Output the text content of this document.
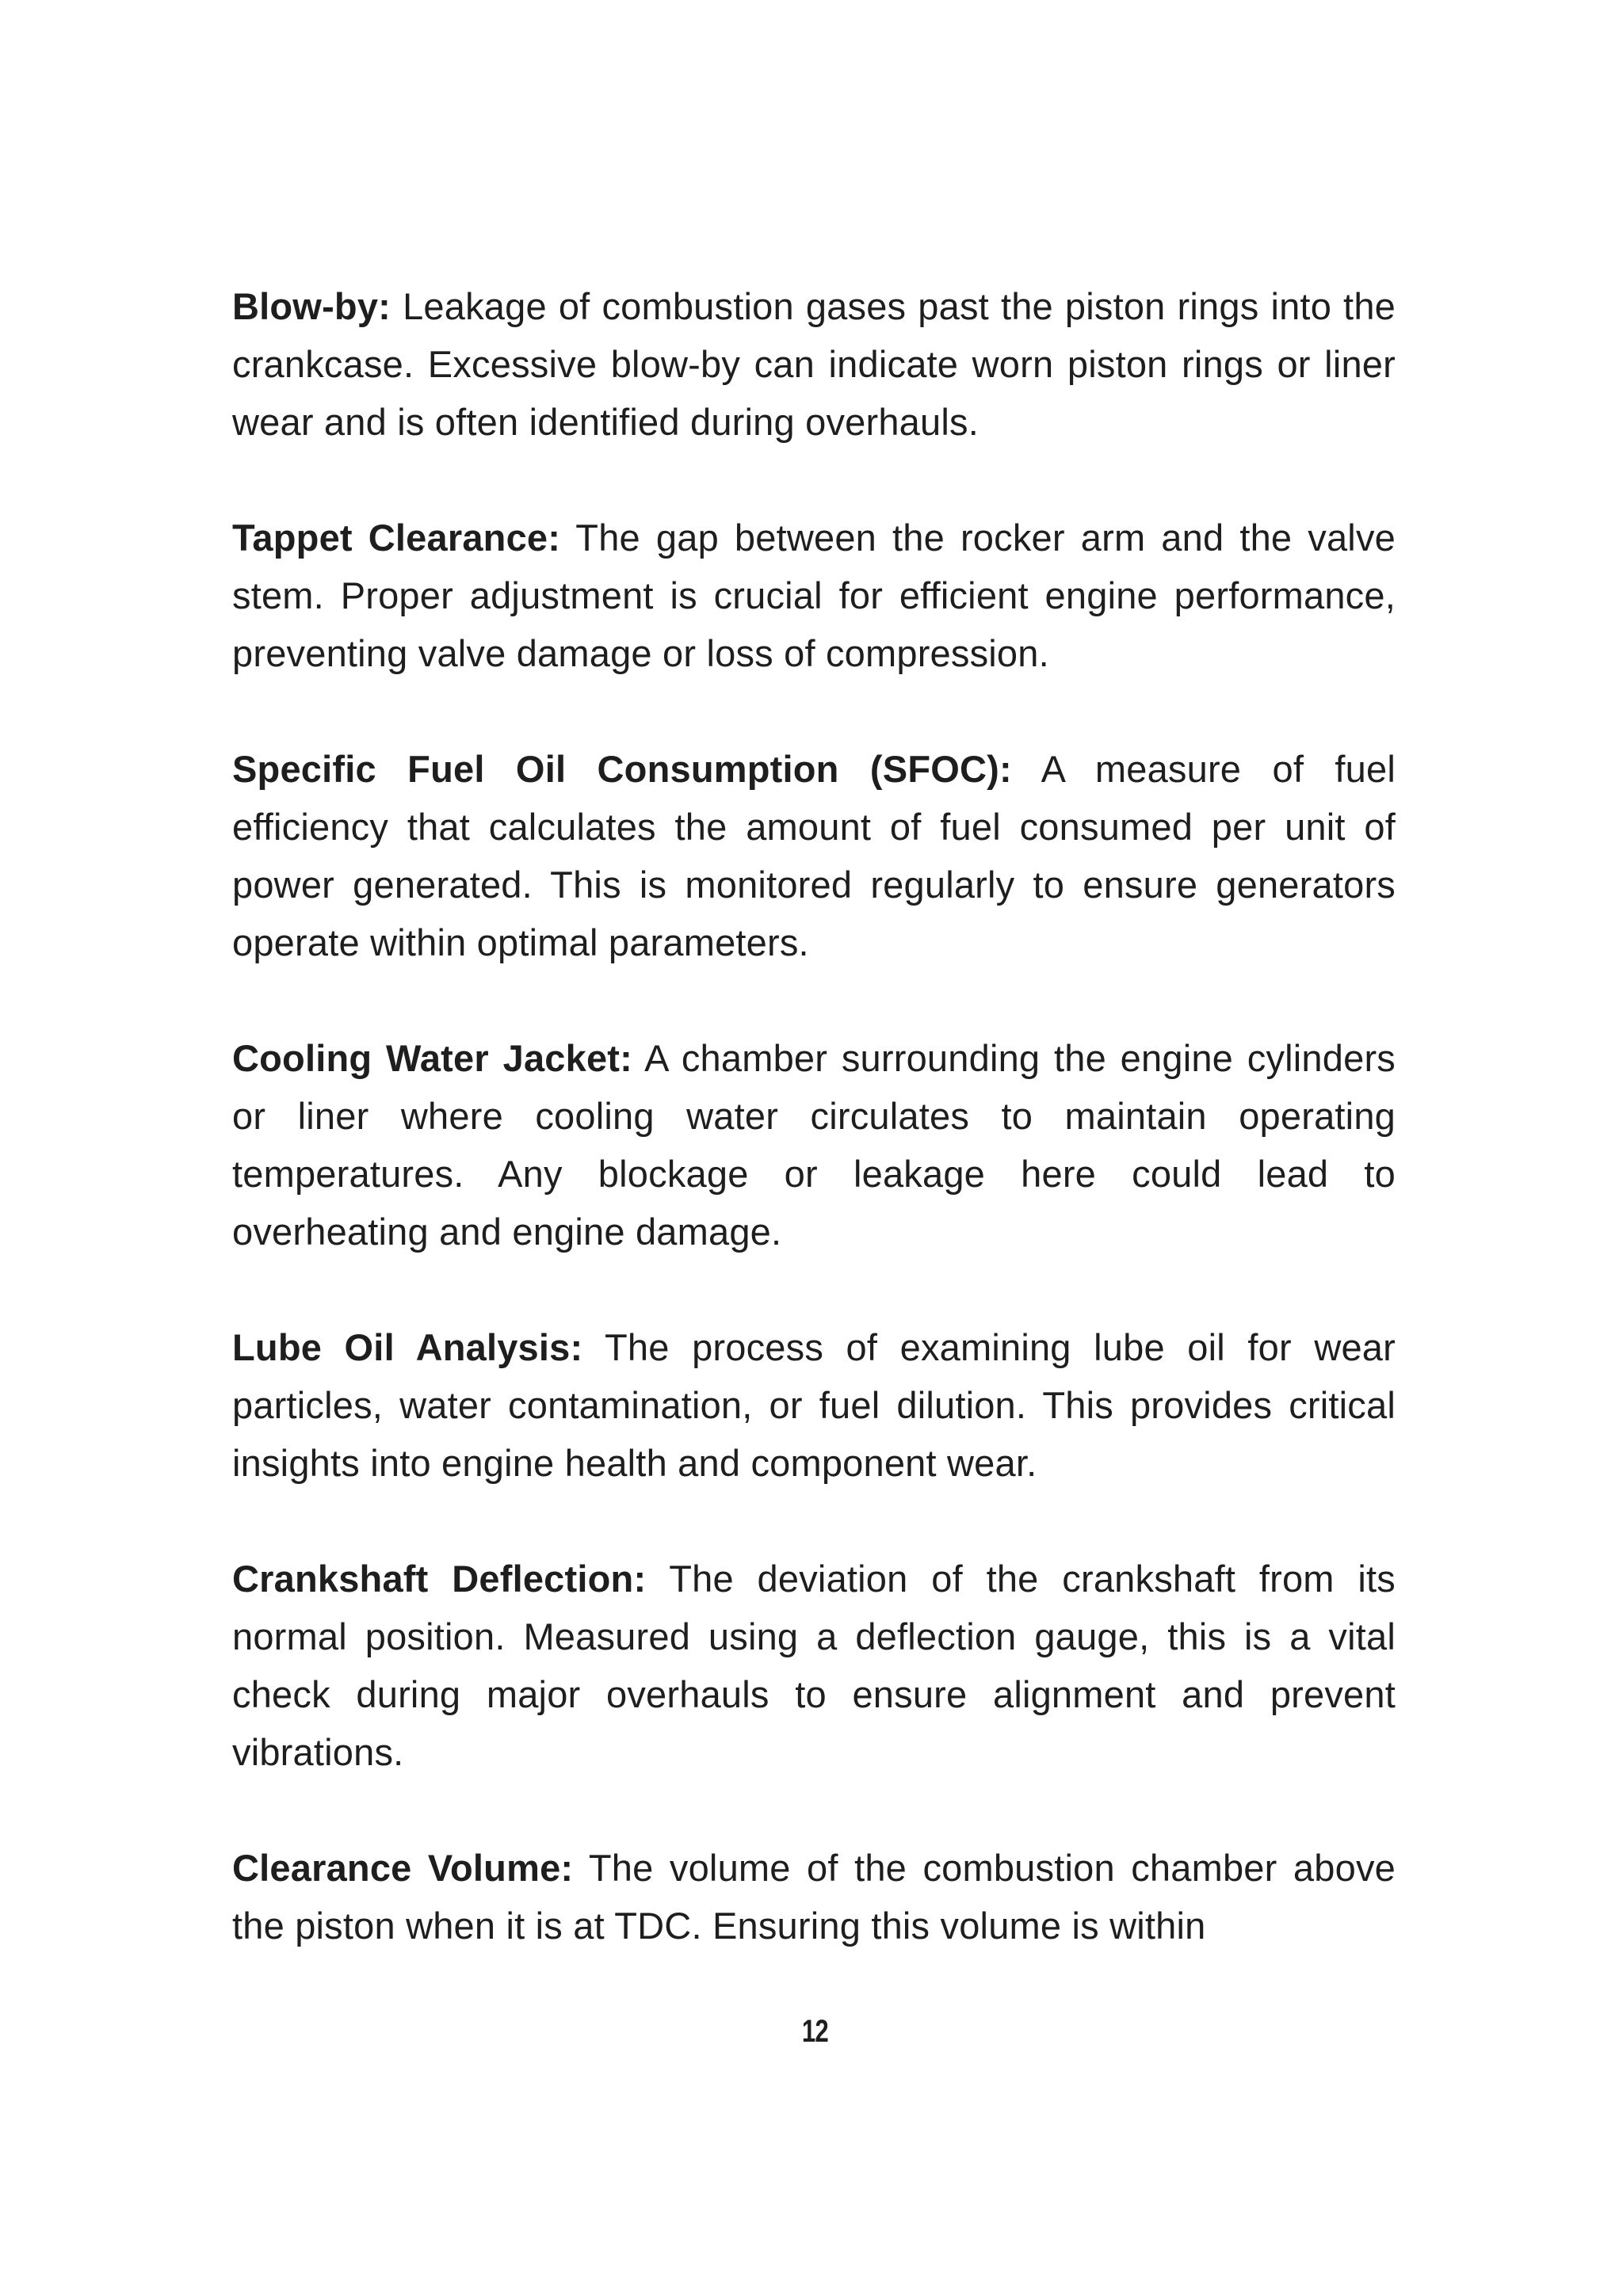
Blow-by: Leakage of combustion gases past the piston rings into the crankcase. Excessive blow-by can indicate worn piston rings or liner wear and is often identified during overhauls.

Tappet Clearance: The gap between the rocker arm and the valve stem. Proper adjustment is crucial for efficient engine performance, preventing valve damage or loss of compression.

Specific Fuel Oil Consumption (SFOC): A measure of fuel efficiency that calculates the amount of fuel consumed per unit of power generated. This is monitored regularly to ensure generators operate within optimal parameters.

Cooling Water Jacket: A chamber surrounding the engine cylinders or liner where cooling water circulates to maintain operating temperatures. Any blockage or leakage here could lead to overheating and engine damage.

Lube Oil Analysis: The process of examining lube oil for wear particles, water contamination, or fuel dilution. This provides critical insights into engine health and component wear.

Crankshaft Deflection: The deviation of the crankshaft from its normal position. Measured using a deflection gauge, this is a vital check during major overhauls to ensure alignment and prevent vibrations.

Clearance Volume: The volume of the combustion chamber above the piston when it is at TDC. Ensuring this volume is within

12
